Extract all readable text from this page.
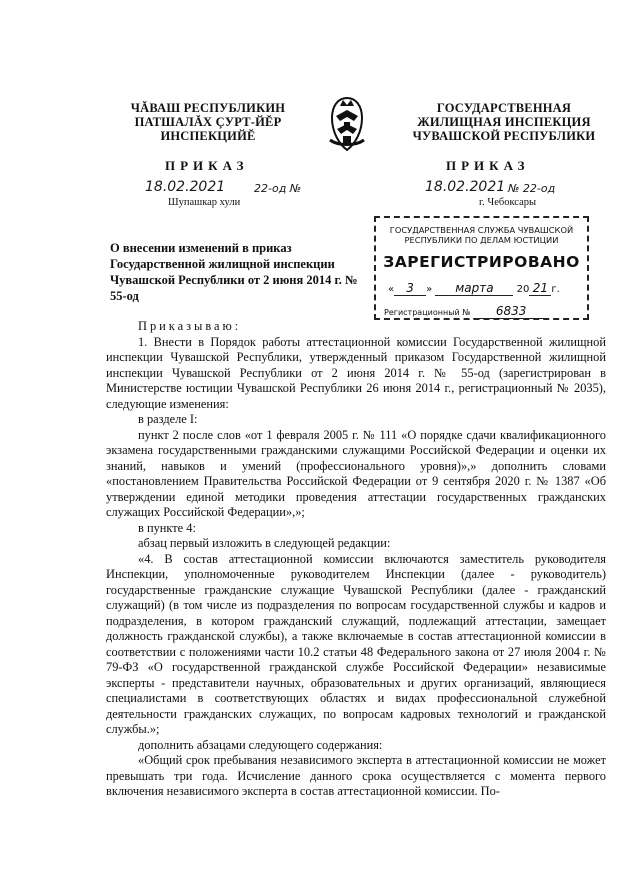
ЧĂВАШ РЕСПУБЛИКИН
ПАТШАЛĂХ ÇУРТ-ЙĔР
ИНСПЕКЦИЙĔ
ГОСУДАРСТВЕННАЯ
ЖИЛИЩНАЯ ИНСПЕКЦИЯ
ЧУВАШСКОЙ РЕСПУБЛИКИ
ПРИКАЗ	ПРИКАЗ
18.02.2021	22-од №
Шупашкар хули
18.02.2021 № 22-од
г. Чебоксары
ГОСУДАРСТВЕННАЯ СЛУЖБА ЧУВАШСКОЙ РЕСПУБЛИКИ ПО ДЕЛАМ ЮСТИЦИИ
ЗАРЕГИСТРИРОВАНО
« 3 » марта 20 21 г.
Регистрационный № 6833
О внесении изменений в приказ Государственной жилищной инспекции Чувашской Республики от 2 июня 2014 г. № 55-од

Приказываю:

1. Внести в Порядок работы аттестационной комиссии Государственной жилищной инспекции Чувашской Республики, утвержденный приказом Государственной жилищной инспекции Чувашской Республики от 2 июня 2014 г. № 55-од (зарегистрирован в Министерстве юстиции Чувашской Республики 26 июня 2014 г., регистрационный № 2035), следующие изменения:

в разделе I:

пункт 2 после слов «от 1 февраля 2005 г. № 111 «О порядке сдачи квалификационного экзамена государственными гражданскими служащими Российской Федерации и оценки их знаний, навыков и умений (профессионального уровня)»,» дополнить словами «постановлением Правительства Российской Федерации от 9 сентября 2020 г. № 1387 «Об утверждении единой методики проведения аттестации государственных гражданских служащих Российской Федерации»,»;

в пункте 4:

абзац первый изложить в следующей редакции:

«4. В состав аттестационной комиссии включаются заместитель руководителя Инспекции, уполномоченные руководителем Инспекции (далее - руководитель) государственные гражданские служащие Чувашской Республики (далее - гражданский служащий) (в том числе из подразделения по вопросам государственной службы и кадров и подразделения, в котором гражданский служащий, подлежащий аттестации, замещает должность гражданской службы), а также включаемые в состав аттестационной комиссии в соответствии с положениями части 10.2 статьи 48 Федерального закона от 27 июля 2004 г. № 79-ФЗ «О государственной гражданской службе Российской Федерации» независимые эксперты - представители научных, образовательных и других организаций, являющиеся специалистами в соответствующих областях и видах профессиональной служебной деятельности гражданских служащих, по вопросам кадровых технологий и гражданской службы.»;

дополнить абзацами следующего содержания:

«Общий срок пребывания независимого эксперта в аттестационной комиссии не может превышать три года. Исчисление данного срока осуществляется с момента первого включения независимого эксперта в состав аттестационной комиссии. По-
